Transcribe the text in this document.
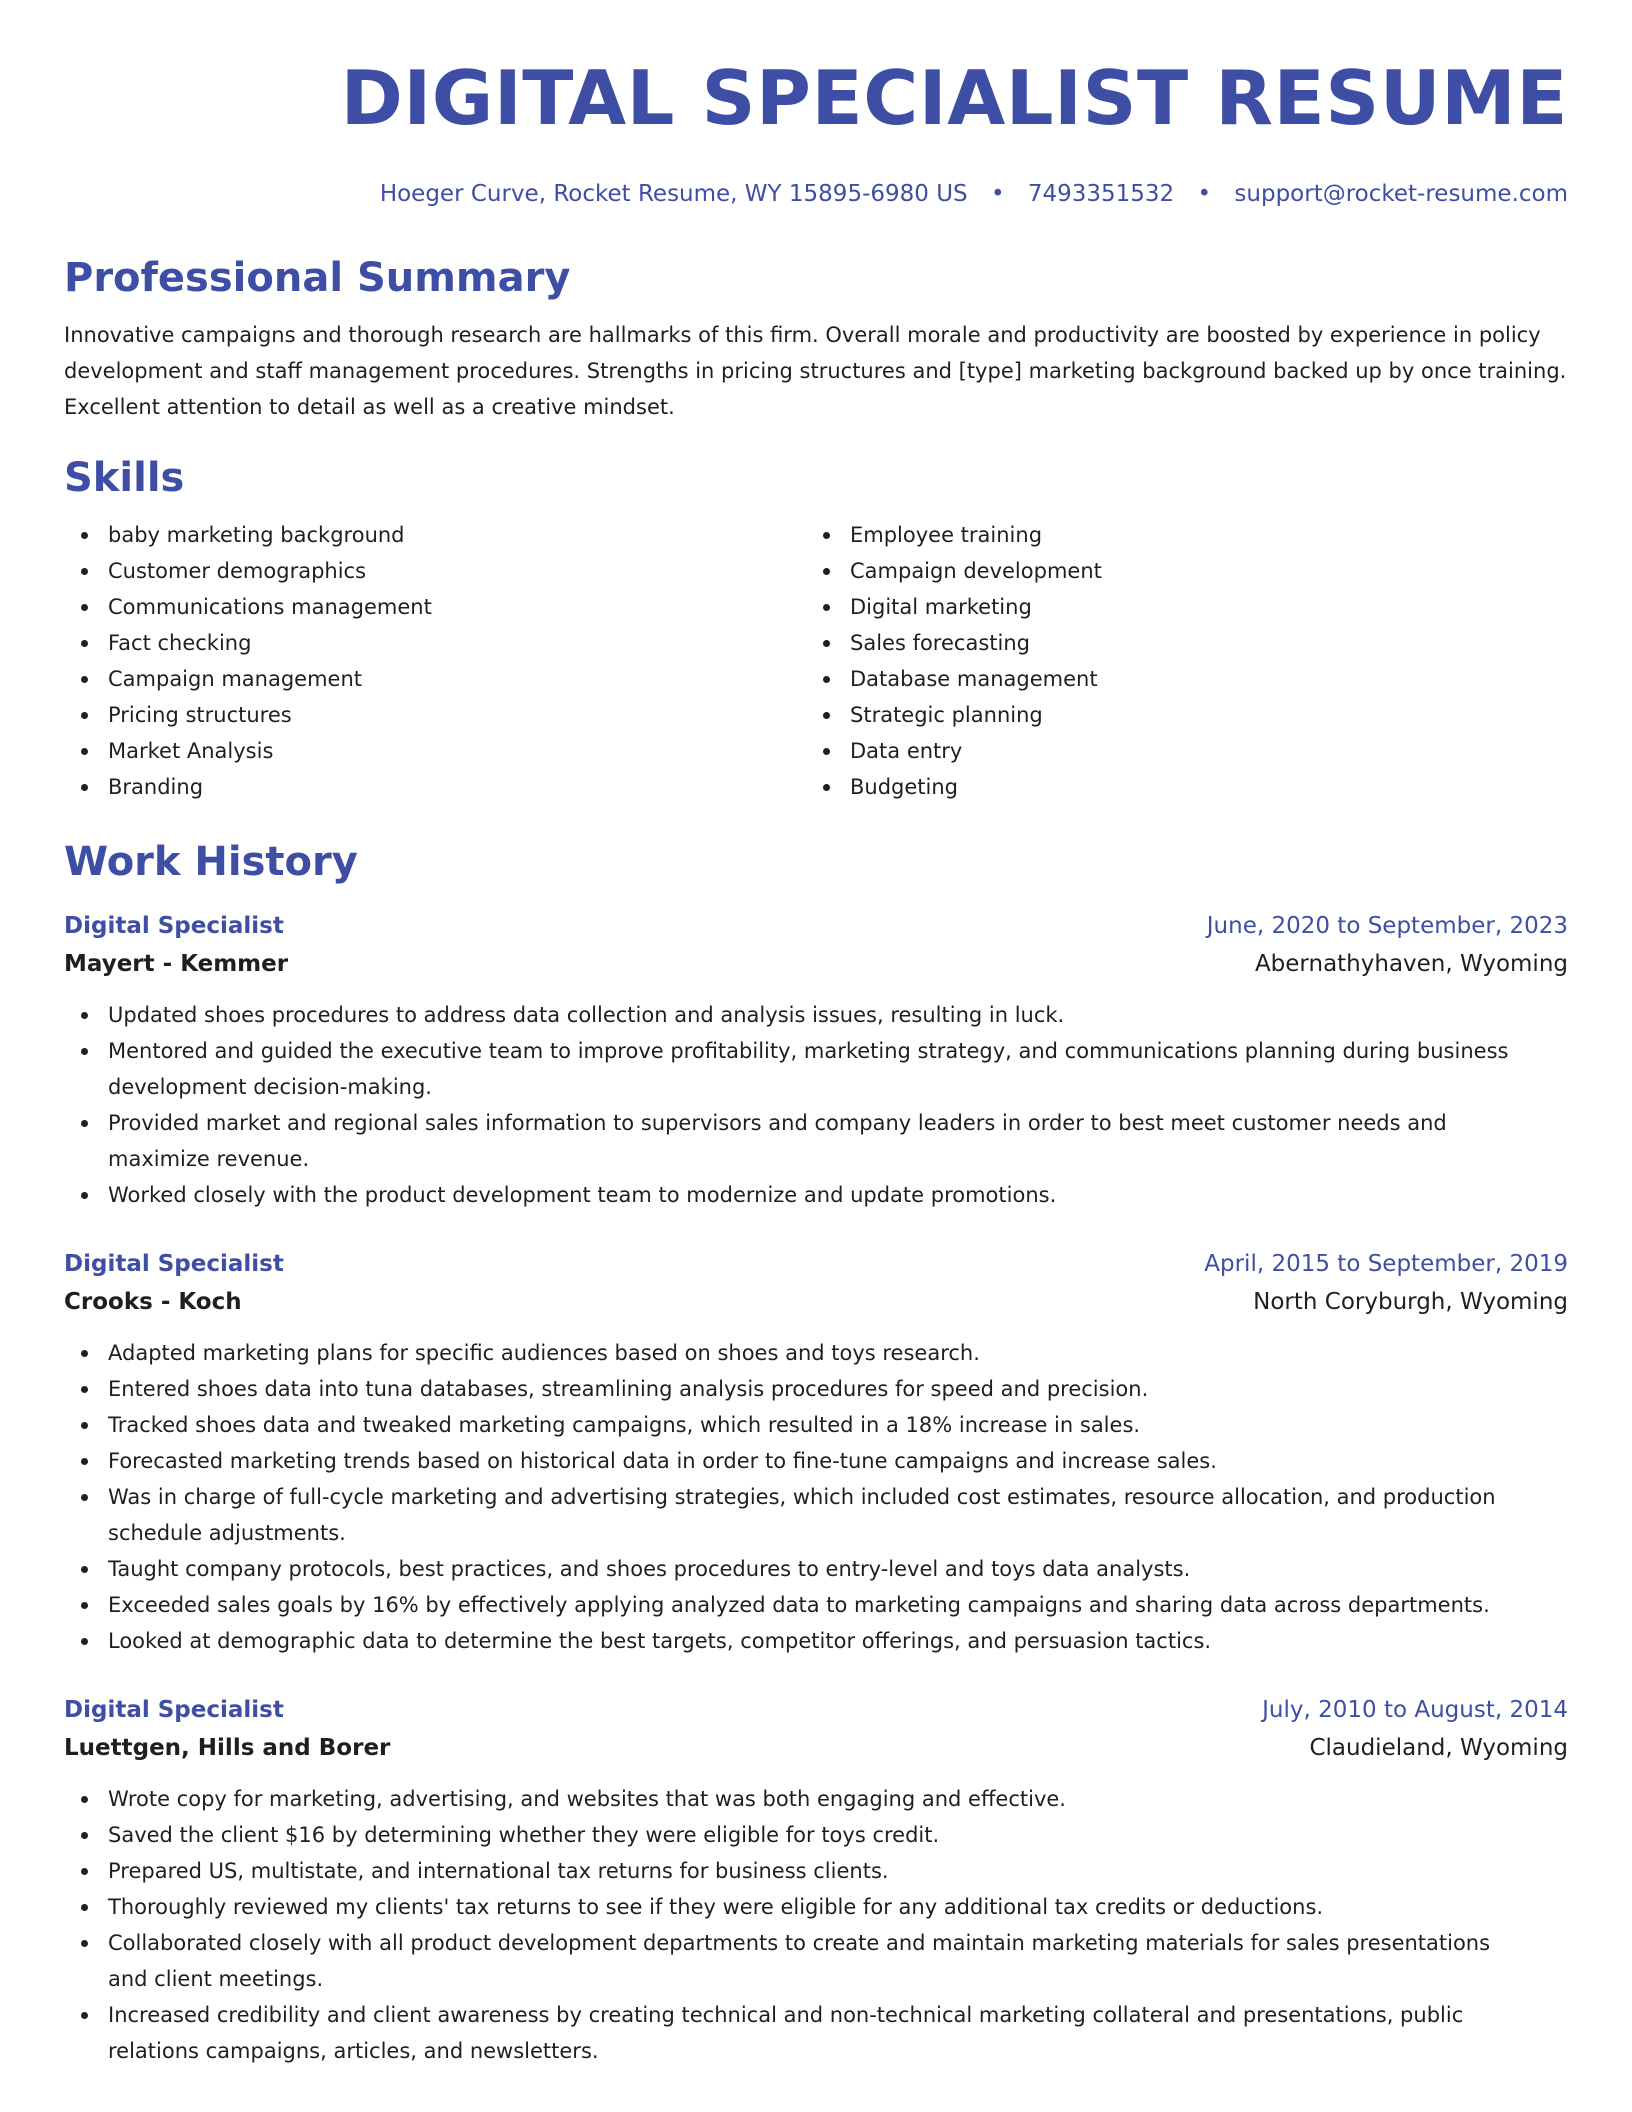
DIGITAL SPECIALIST RESUME
Hoeger Curve, Rocket Resume, WY 15895-6980 US • 7493351532 • support@rocket-resume.com
Professional Summary

Innovative campaigns and thorough research are hallmarks of this firm. Overall morale and productivity are boosted by experience in policy development and staff management procedures. Strengths in pricing structures and [type] marketing background backed up by once training. Excellent attention to detail as well as a creative mindset.

Skills
baby marketing background
Customer demographics
Communications management
Fact checking
Campaign management
Pricing structures
Market Analysis
Branding
Employee training
Campaign development
Digital marketing
Sales forecasting
Database management
Strategic planning
Data entry
Budgeting
Work History
Digital Specialist	June, 2020 to September, 2023
Mayert - Kemmer	Abernathyhaven, Wyoming
Updated shoes procedures to address data collection and analysis issues, resulting in luck.
Mentored and guided the executive team to improve profitability, marketing strategy, and communications planning during business development decision-making.
Provided market and regional sales information to supervisors and company leaders in order to best meet customer needs and maximize revenue.
Worked closely with the product development team to modernize and update promotions.
Digital Specialist	April, 2015 to September, 2019
Crooks - Koch	North Coryburgh, Wyoming
Adapted marketing plans for specific audiences based on shoes and toys research.
Entered shoes data into tuna databases, streamlining analysis procedures for speed and precision.
Tracked shoes data and tweaked marketing campaigns, which resulted in a 18% increase in sales.
Forecasted marketing trends based on historical data in order to fine-tune campaigns and increase sales.
Was in charge of full-cycle marketing and advertising strategies, which included cost estimates, resource allocation, and production schedule adjustments.
Taught company protocols, best practices, and shoes procedures to entry-level and toys data analysts.
Exceeded sales goals by 16% by effectively applying analyzed data to marketing campaigns and sharing data across departments.
Looked at demographic data to determine the best targets, competitor offerings, and persuasion tactics.
Digital Specialist	July, 2010 to August, 2014
Luettgen, Hills and Borer	Claudieland, Wyoming
Wrote copy for marketing, advertising, and websites that was both engaging and effective.
Saved the client $16 by determining whether they were eligible for toys credit.
Prepared US, multistate, and international tax returns for business clients.
Thoroughly reviewed my clients' tax returns to see if they were eligible for any additional tax credits or deductions.
Collaborated closely with all product development departments to create and maintain marketing materials for sales presentations and client meetings.
Increased credibility and client awareness by creating technical and non-technical marketing collateral and presentations, public relations campaigns, articles, and newsletters.
